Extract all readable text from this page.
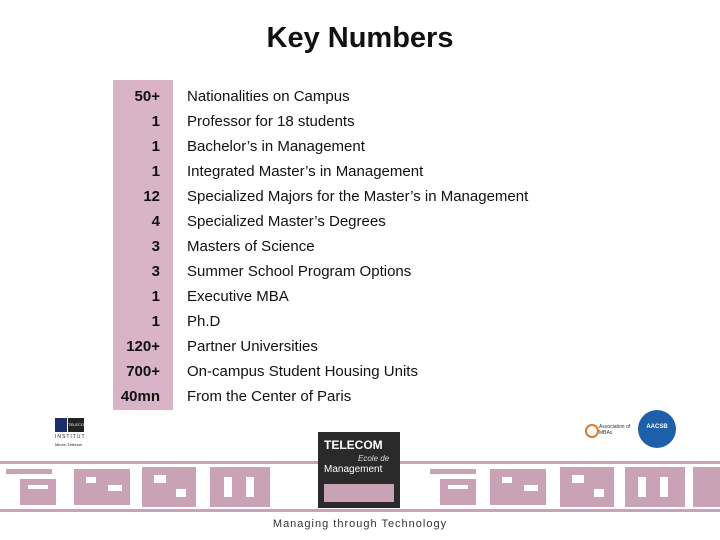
Key Numbers
50+ Nationalities on Campus
1 Professor for 18 students
1 Bachelor’s in Management
1 Integrated Master’s in Management
12 Specialized Majors for the Master’s in Management
4 Specialized Master’s Degrees
3 Masters of Science
3 Summer School Program Options
1 Executive MBA
1 Ph.D
120+ Partner Universities
700+ On-campus Student Housing Units
40mn From the Center of Paris
TELECOM
INSTITUT
Mines-Télécom	TELECOM
Ecole de
Management
Managing through Technology
Association of MBAs
AACSB
